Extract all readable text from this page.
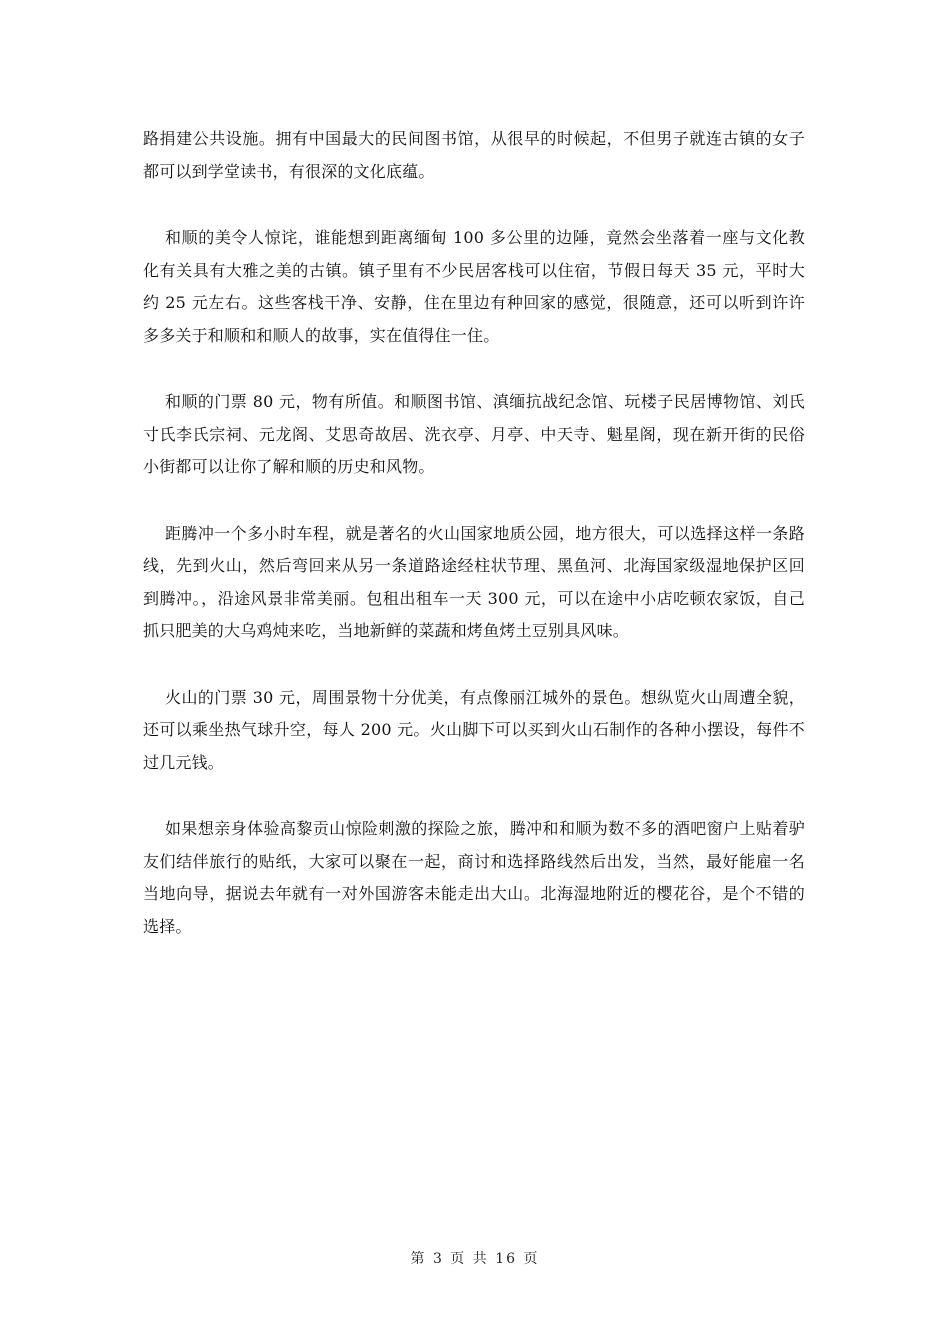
路捐建公共设施。拥有中国最大的民间图书馆，从很早的时候起，不但男子就连古镇的女子都可以到学堂读书，有很深的文化底蕴。

和顺的美令人惊诧，谁能想到距离缅甸 100 多公里的边陲，竟然会坐落着一座与文化教化有关具有大雅之美的古镇。镇子里有不少民居客栈可以住宿，节假日每天 35 元，平时大约 25 元左右。这些客栈干净、安静，住在里边有种回家的感觉，很随意，还可以听到许许多多关于和顺和和顺人的故事，实在值得住一住。

和顺的门票 80 元，物有所值。和顺图书馆、滇缅抗战纪念馆、玩楼子民居博物馆、刘氏寸氏李氏宗祠、元龙阁、艾思奇故居、洗衣亭、月亭、中天寺、魁星阁，现在新开街的民俗小街都可以让你了解和顺的历史和风物。

距腾冲一个多小时车程，就是著名的火山国家地质公园，地方很大，可以选择这样一条路线，先到火山，然后弯回来从另一条道路途经柱状节理、黑鱼河、北海国家级湿地保护区回到腾冲。，沿途风景非常美丽。包租出租车一天 300 元，可以在途中小店吃顿农家饭，自己抓只肥美的大乌鸡炖来吃，当地新鲜的菜蔬和烤鱼烤土豆别具风味。

火山的门票 30 元，周围景物十分优美，有点像丽江城外的景色。想纵览火山周遭全貌，还可以乘坐热气球升空，每人 200 元。火山脚下可以买到火山石制作的各种小摆设，每件不过几元钱。

如果想亲身体验高黎贡山惊险刺激的探险之旅，腾冲和和顺为数不多的酒吧窗户上贴着驴友们结伴旅行的贴纸，大家可以聚在一起，商讨和选择路线然后出发，当然，最好能雇一名当地向导，据说去年就有一对外国游客未能走出大山。北海湿地附近的樱花谷，是个不错的选择。

第 3 页 共 16 页
